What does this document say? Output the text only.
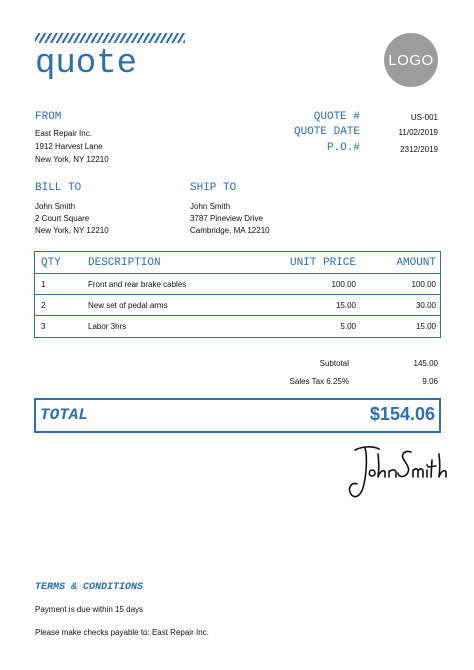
quote	LOGO
FROM
East Repair Inc.
1912 Harvest Lane
New York, NY 12210
QUOTE #	US-001
QUOTE DATE	11/02/2019
P.O.#	2312/2019
BILL TO
John Smith
2 Court Square
New York, NY 12210
SHIP TO
John Smith
3787 Pineview Drive
Cambridge, MA 12210
QTY DESCRIPTION	UNIT PRICE	AMOUNT
1	Front and rear brake cables	100.00	100.00
2	New set of pedal arms	15.00	30.00
3	Labor 3hrs	5.00	15.00
Subtotal	145.00
Sales Tax 6.25%	9.06
TOTAL	$154.06
TERMS & CONDITIONS
Payment is due within 15 days
Please make checks payable to: East Repair Inc.
